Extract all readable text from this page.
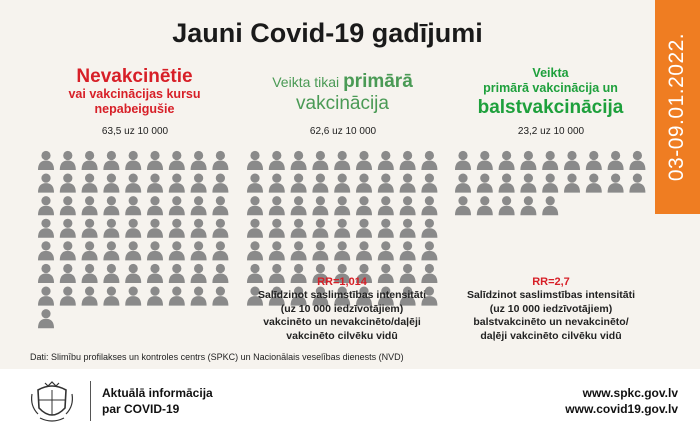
03-09.01.2022.
Jauni Covid-19 gadījumi
Nevakcinētie
vai vakcinācijas kursu
nepabeigušie
Veikta tikai primārā
vakcinācija
Veikta
primārā vakcinācija un
balstvakcinācija
63,5 uz 10 000	62,6 uz 10 000	23,2 uz 10 000
RR=1,014
Salīdzinot saslimstības intensitāti
(uz 10 000 iedzīvotājiem)
vakcinēto un nevakcinēto/daļēji
vakcinēto cilvēku vidū
RR=2,7
Salīdzinot saslimstības intensitāti
(uz 10 000 iedzīvotājiem)
balstvakcinēto un nevakcinēto/
daļēji vakcinēto cilvēku vidū
Dati: Slimību profilakses un kontroles centrs (SPKC) un Nacionālais veselības dienests (NVD)
Aktuālā informācija
par COVID-19
www.spkc.gov.lv
www.covid19.gov.lv
